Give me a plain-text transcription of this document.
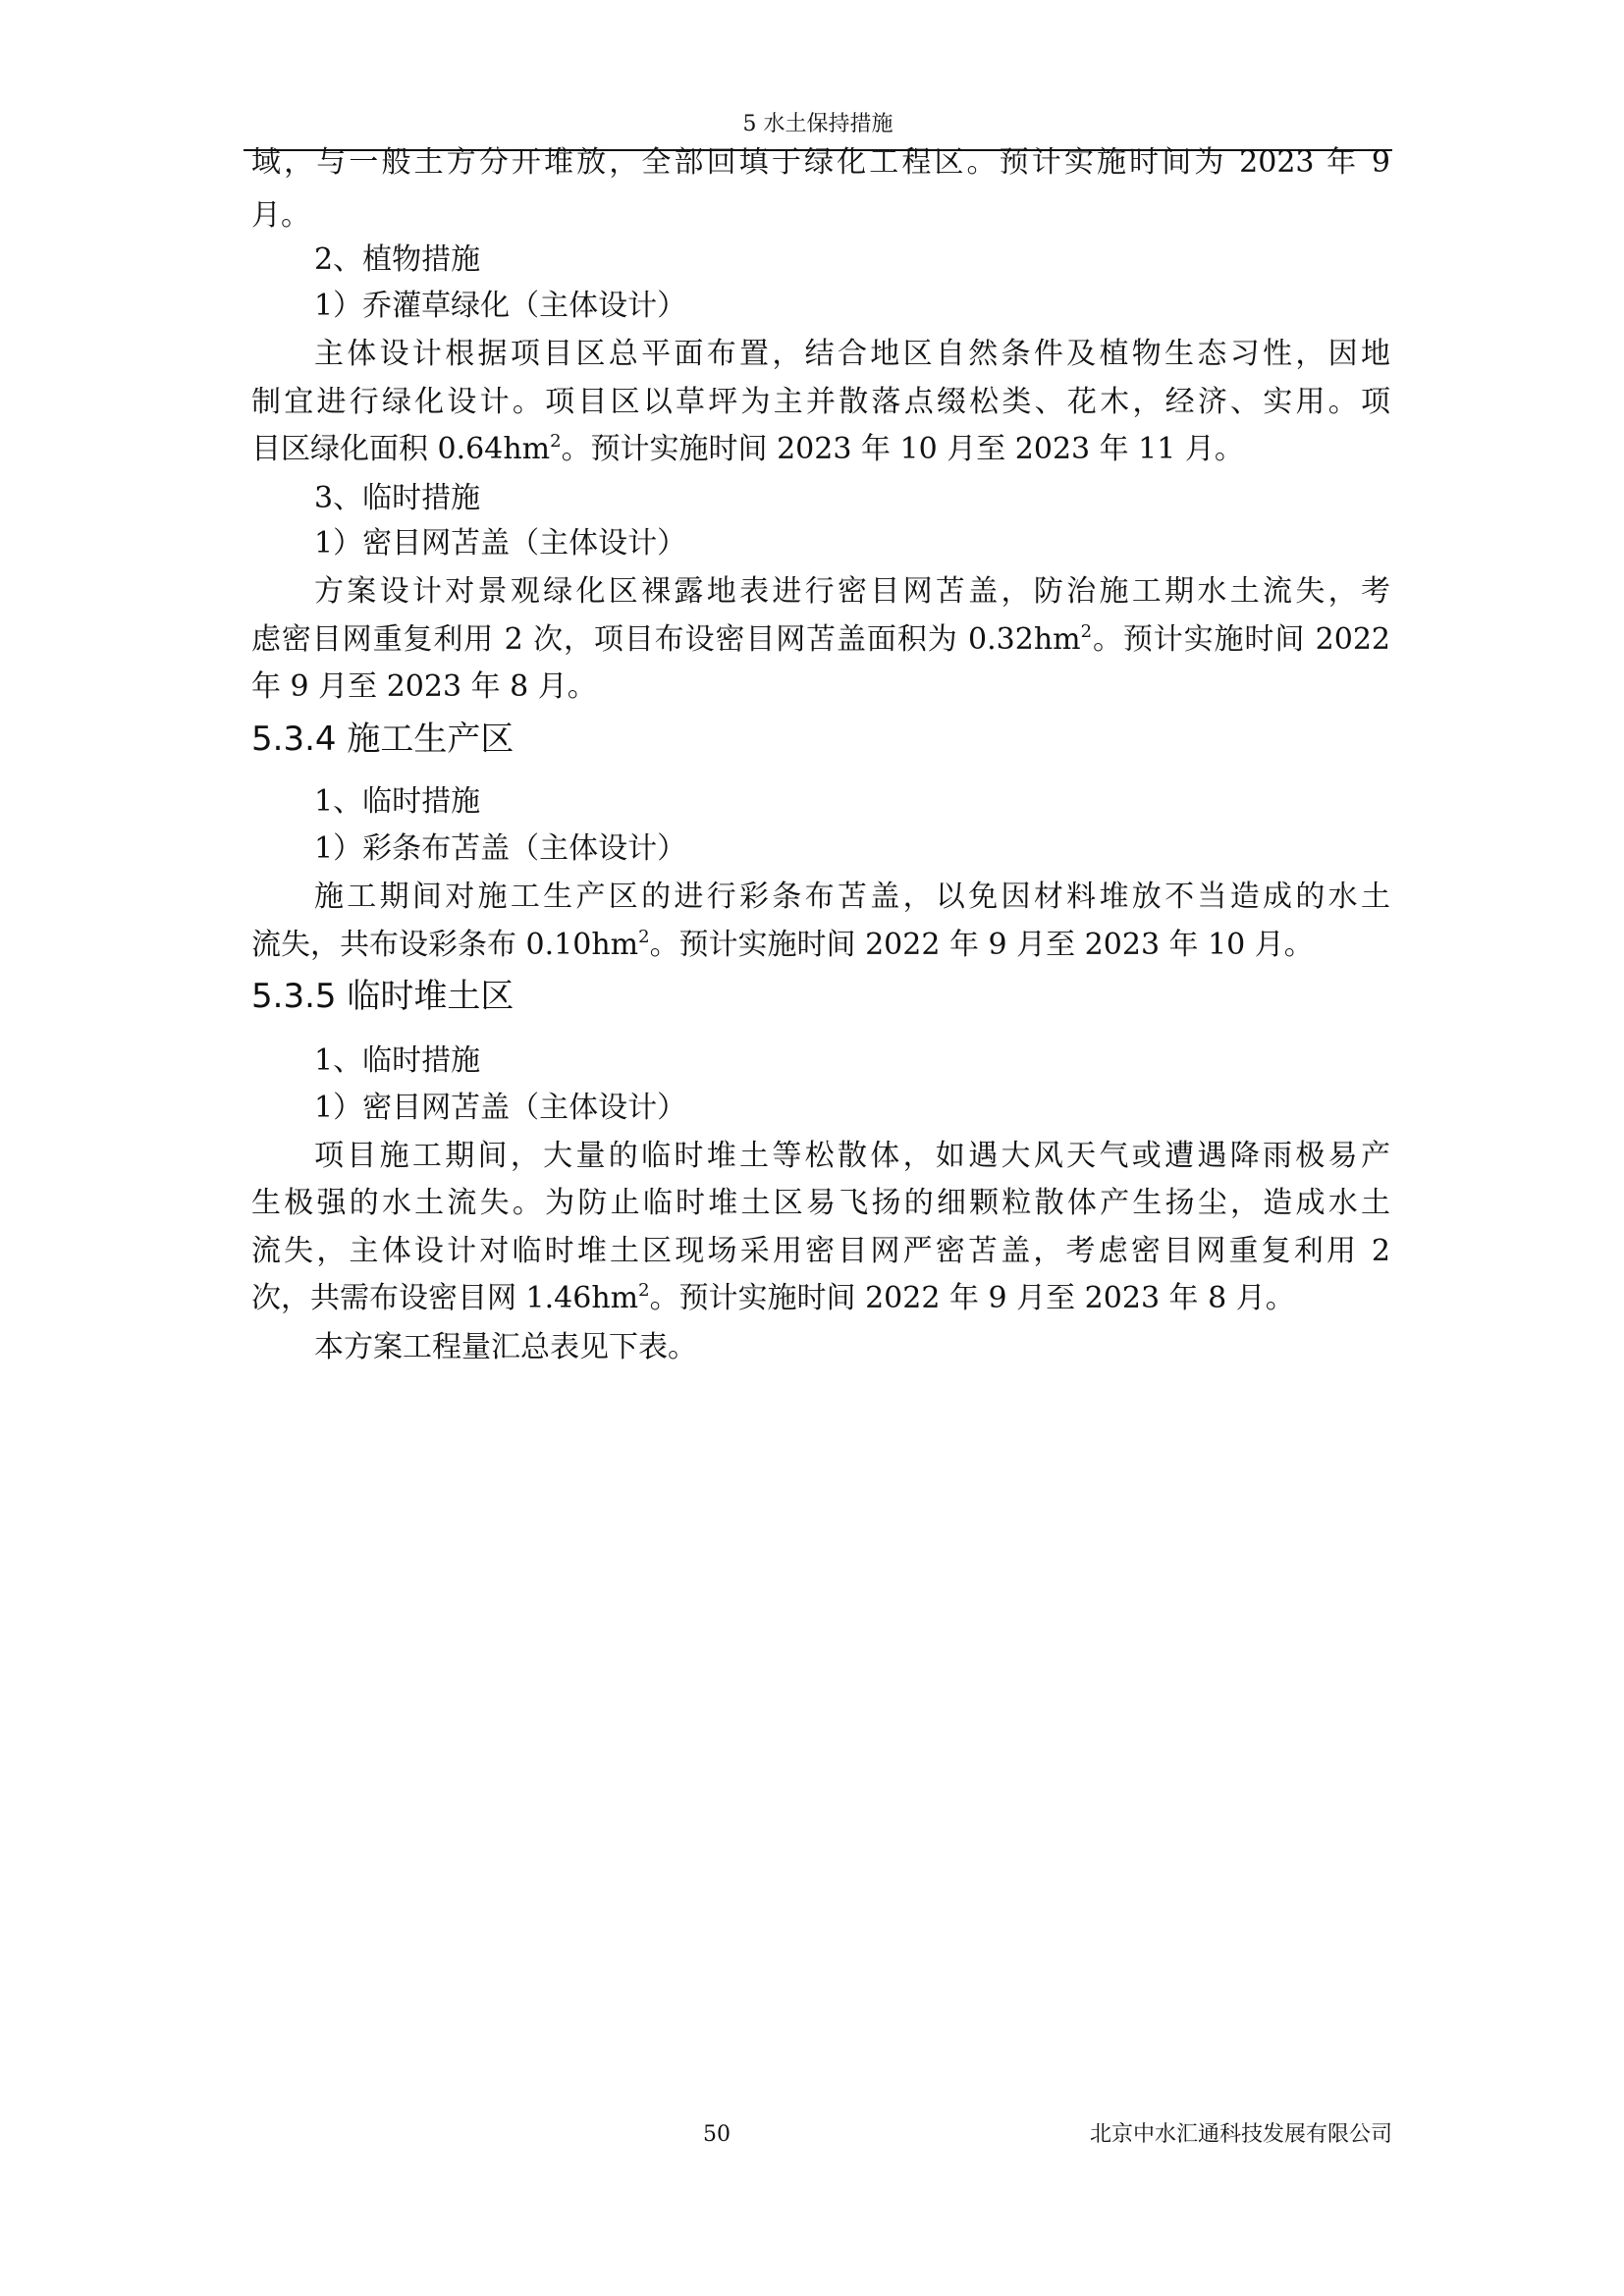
5 水土保持措施
域，与一般土方分开堆放，全部回填于绿化工程区。预计实施时间为 2023 年 9
月。
2、植物措施
1）乔灌草绿化（主体设计）
主体设计根据项目区总平面布置，结合地区自然条件及植物生态习性，因地
制宜进行绿化设计。项目区以草坪为主并散落点缀松类、花木，经济、实用。项
目区绿化面积 $0.64hm^2$。预计实施时间 2023 年 10 月至 2023 年 11 月。
3、临时措施
1）密目网苫盖（主体设计）
方案设计对景观绿化区裸露地表进行密目网苫盖，防治施工期水土流失，考
虑密目网重复利用 2 次，项目布设密目网苫盖面积为 $0.32hm^2$。预计实施时间 2022
年 9 月至 2023 年 8 月。
5.3.4 施工生产区
1、临时措施
1）彩条布苫盖（主体设计）
施工期间对施工生产区的进行彩条布苫盖，以免因材料堆放不当造成的水土
流失，共布设彩条布 $0.10hm^2$。预计实施时间 2022 年 9 月至 2023 年 10 月。
5.3.5 临时堆土区
1、临时措施
1）密目网苫盖（主体设计）
项目施工期间，大量的临时堆土等松散体，如遇大风天气或遭遇降雨极易产
生极强的水土流失。为防止临时堆土区易飞扬的细颗粒散体产生扬尘，造成水土
流失，主体设计对临时堆土区现场采用密目网严密苫盖，考虑密目网重复利用 2
次，共需布设密目网 $1.46hm^2$。预计实施时间 2022 年 9 月至 2023 年 8 月。
本方案工程量汇总表见下表。
50	北京中水汇通科技发展有限公司
